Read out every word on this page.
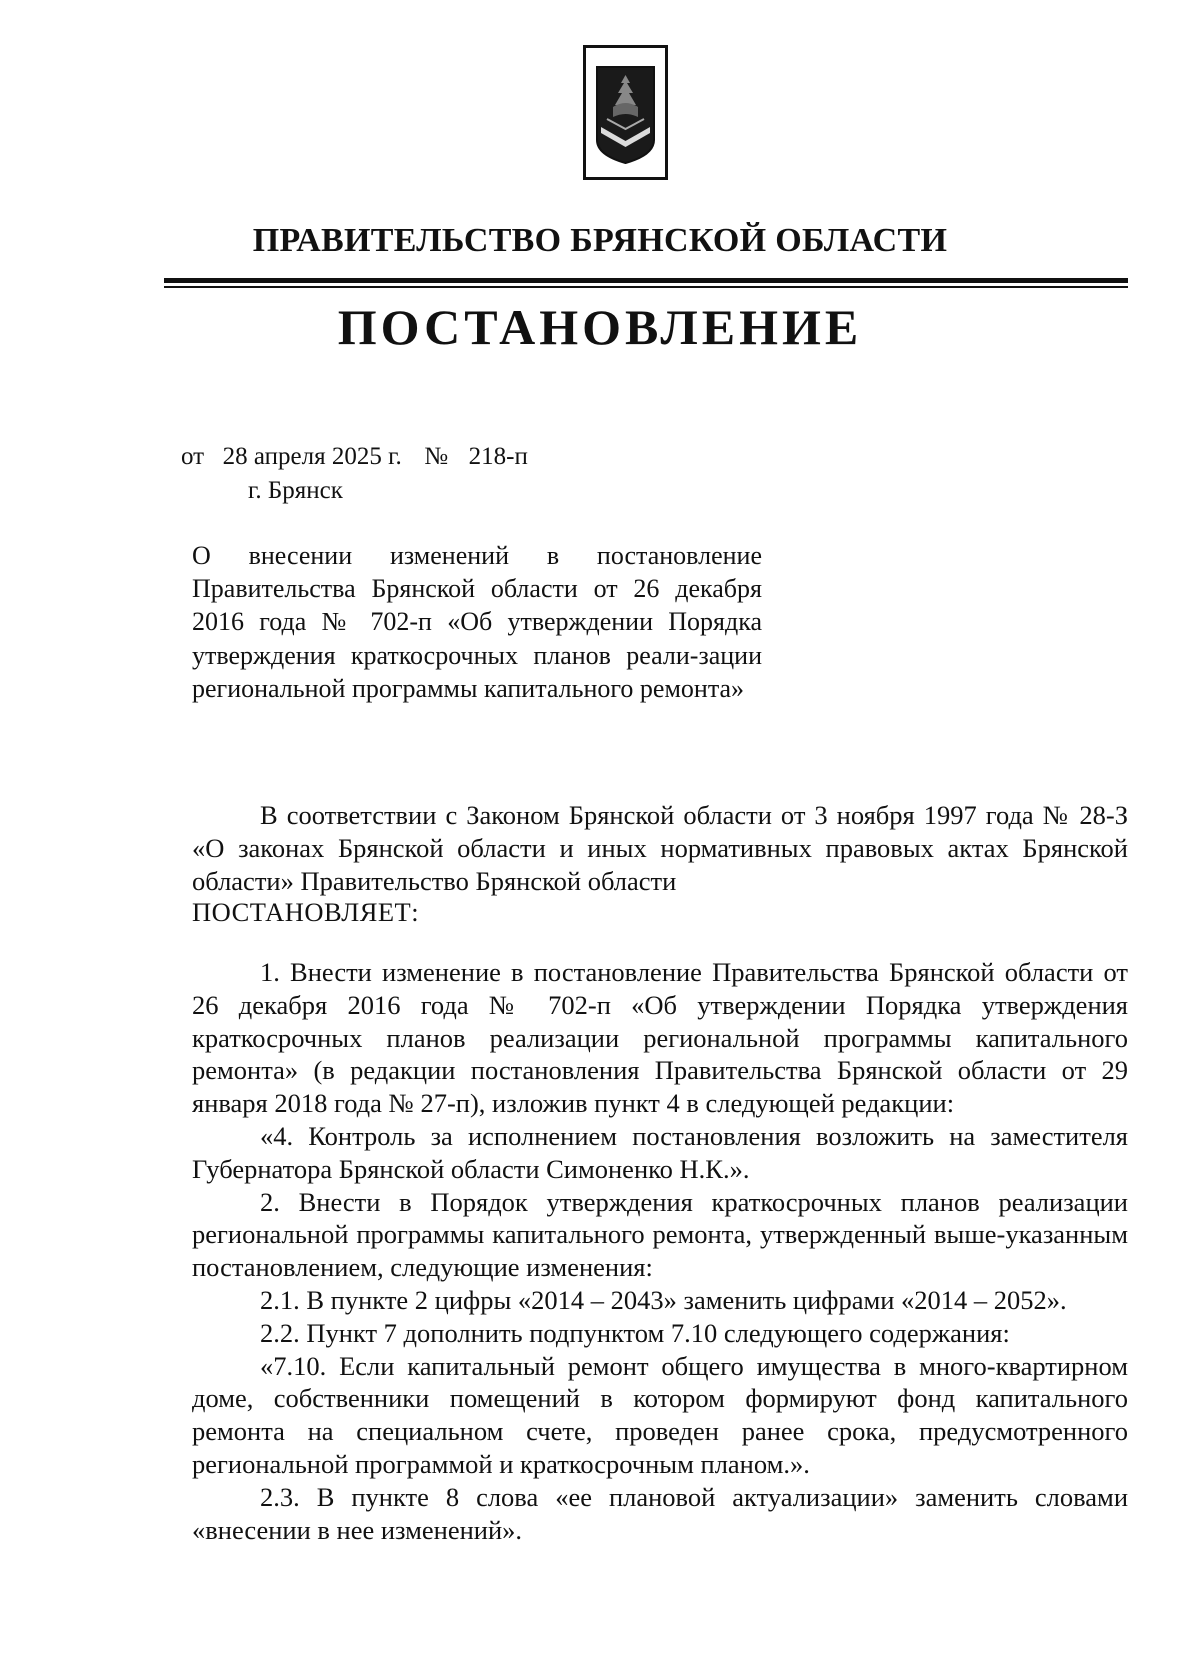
ПРАВИТЕЛЬСТВО БРЯНСКОЙ ОБЛАСТИ
ПОСТАНОВЛЕНИЕ
от 28 апреля 2025 г. № 218-п
г. Брянск
О внесении изменений в постановление Правительства Брянской области от 26 декабря 2016 года № 702-п «Об утверждении Порядка утверждения краткосрочных планов реали-зации региональной программы капитального ремонта»

В соответствии с Законом Брянской области от 3 ноября 1997 года № 28-З «О законах Брянской области и иных нормативных правовых актах Брянской области» Правительство Брянской области

ПОСТАНОВЛЯЕТ:

1. Внести изменение в постановление Правительства Брянской области от 26 декабря 2016 года № 702-п «Об утверждении Порядка утверждения краткосрочных планов реализации региональной программы капитального ремонта» (в редакции постановления Правительства Брянской области от 29 января 2018 года № 27-п), изложив пункт 4 в следующей редакции:

«4. Контроль за исполнением постановления возложить на заместителя Губернатора Брянской области Симоненко Н.К.».

2. Внести в Порядок утверждения краткосрочных планов реализации региональной программы капитального ремонта, утвержденный выше-указанным постановлением, следующие изменения:

2.1. В пункте 2 цифры «2014 – 2043» заменить цифрами «2014 – 2052».

2.2. Пункт 7 дополнить подпунктом 7.10 следующего содержания:

«7.10. Если капитальный ремонт общего имущества в много-квартирном доме, собственники помещений в котором формируют фонд капитального ремонта на специальном счете, проведен ранее срока, предусмотренного региональной программой и краткосрочным планом.».

2.3. В пункте 8 слова «ее плановой актуализации» заменить словами «внесении в нее изменений».
